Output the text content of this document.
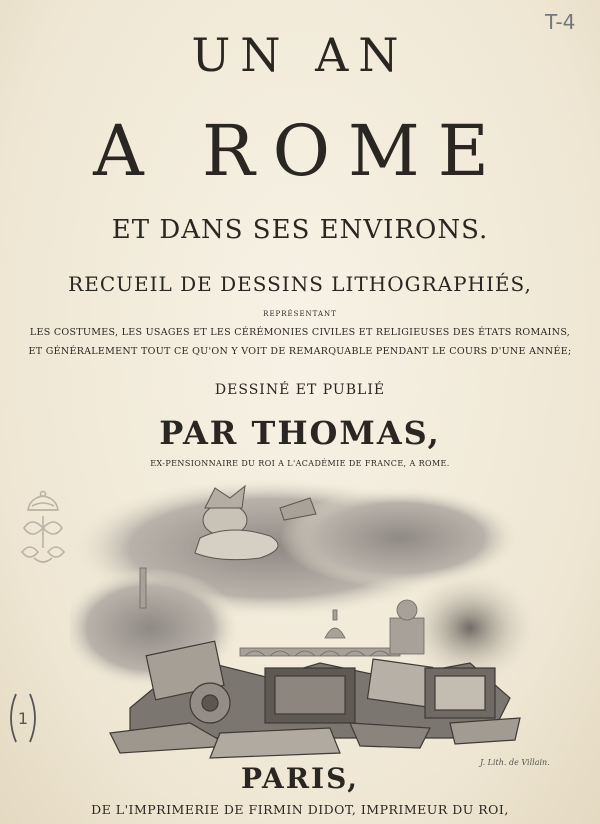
T-4
UN AN
A ROME
ET DANS SES ENVIRONS.
RECUEIL DE DESSINS LITHOGRAPHIÉS,
REPRÉSENTANT
LES COSTUMES, LES USAGES ET LES CÉRÉMONIES CIVILES ET RELIGIEUSES DES ÉTATS ROMAINS,
ET GÉNÉRALEMENT TOUT CE QU'ON Y VOIT DE REMARQUABLE PENDANT LE COURS D'UNE ANNÉE;
DESSINÉ ET PUBLIÉ
PAR THOMAS,
EX-PENSIONNAIRE DU ROI A L'ACADÉMIE DE FRANCE, A ROME.
1
J. Lith. de Villain.
PARIS,
DE L'IMPRIMERIE DE FIRMIN DIDOT, IMPRIMEUR DU ROI,
